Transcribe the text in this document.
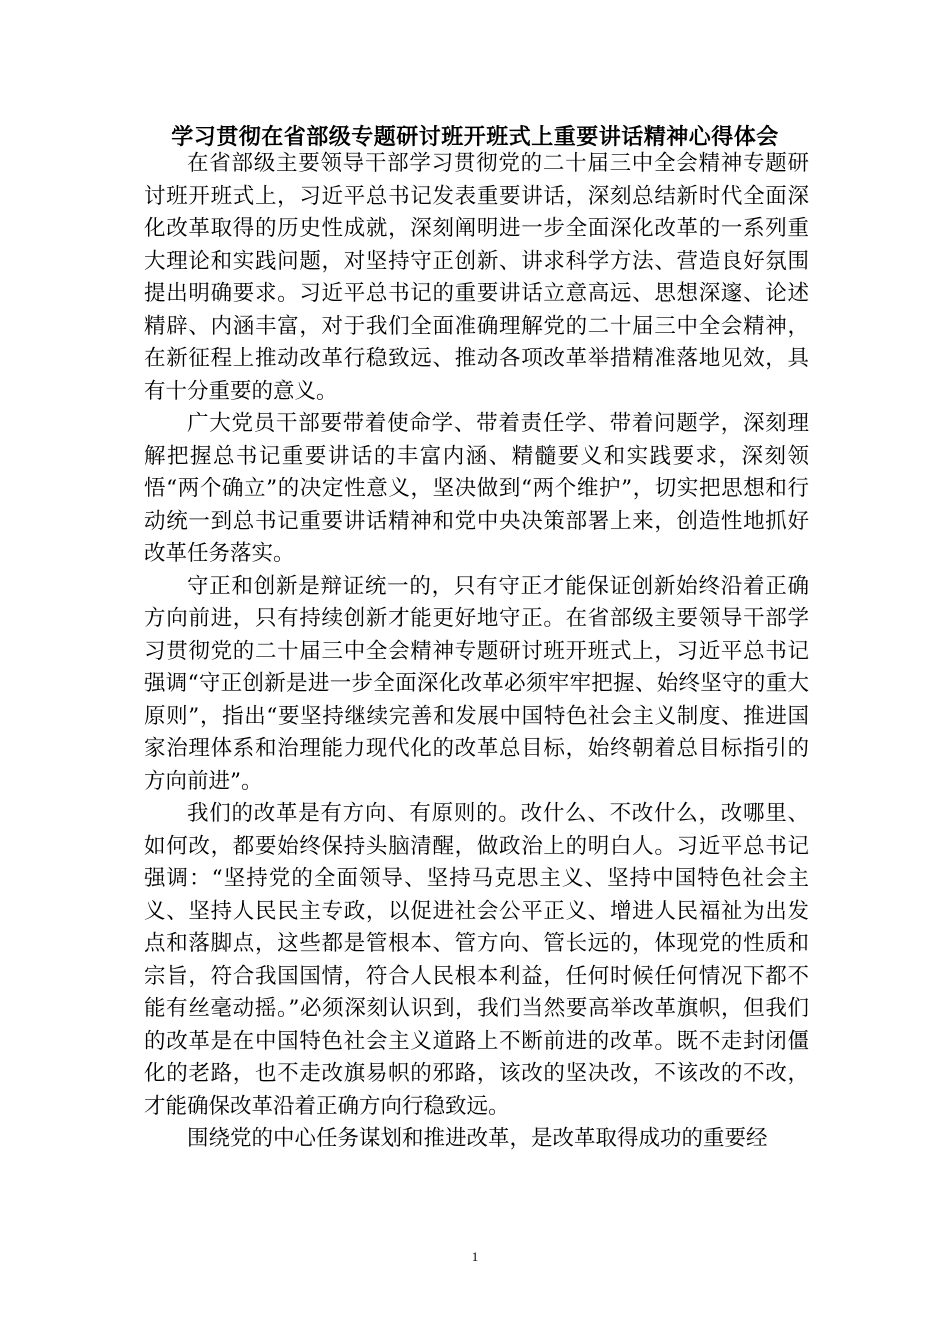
学习贯彻在省部级专题研讨班开班式上重要讲话精神心得体会

在省部级主要领导干部学习贯彻党的二十届三中全会精神专题研讨班开班式上，习近平总书记发表重要讲话，深刻总结新时代全面深化改革取得的历史性成就，深刻阐明进一步全面深化改革的一系列重大理论和实践问题，对坚持守正创新、讲求科学方法、营造良好氛围提出明确要求。习近平总书记的重要讲话立意高远、思想深邃、论述精辟、内涵丰富，对于我们全面准确理解党的二十届三中全会精神，在新征程上推动改革行稳致远、推动各项改革举措精准落地见效，具有十分重要的意义。

广大党员干部要带着使命学、带着责任学、带着问题学，深刻理解把握总书记重要讲话的丰富内涵、精髓要义和实践要求，深刻领悟“两个确立”的决定性意义，坚决做到“两个维护”，切实把思想和行动统一到总书记重要讲话精神和党中央决策部署上来，创造性地抓好改革任务落实。

守正和创新是辩证统一的，只有守正才能保证创新始终沿着正确方向前进，只有持续创新才能更好地守正。在省部级主要领导干部学习贯彻党的二十届三中全会精神专题研讨班开班式上，习近平总书记强调“守正创新是进一步全面深化改革必须牢牢把握、始终坚守的重大原则”，指出“要坚持继续完善和发展中国特色社会主义制度、推进国家治理体系和治理能力现代化的改革总目标，始终朝着总目标指引的方向前进”。

我们的改革是有方向、有原则的。改什么、不改什么，改哪里、如何改，都要始终保持头脑清醒，做政治上的明白人。习近平总书记强调：“坚持党的全面领导、坚持马克思主义、坚持中国特色社会主义、坚持人民民主专政，以促进社会公平正义、增进人民福祉为出发点和落脚点，这些都是管根本、管方向、管长远的，体现党的性质和宗旨，符合我国国情，符合人民根本利益，任何时候任何情况下都不能有丝毫动摇。”必须深刻认识到，我们当然要高举改革旗帜，但我们的改革是在中国特色社会主义道路上不断前进的改革。既不走封闭僵化的老路，也不走改旗易帜的邪路，该改的坚决改，不该改的不改，才能确保改革沿着正确方向行稳致远。

围绕党的中心任务谋划和推进改革，是改革取得成功的重要经

1
